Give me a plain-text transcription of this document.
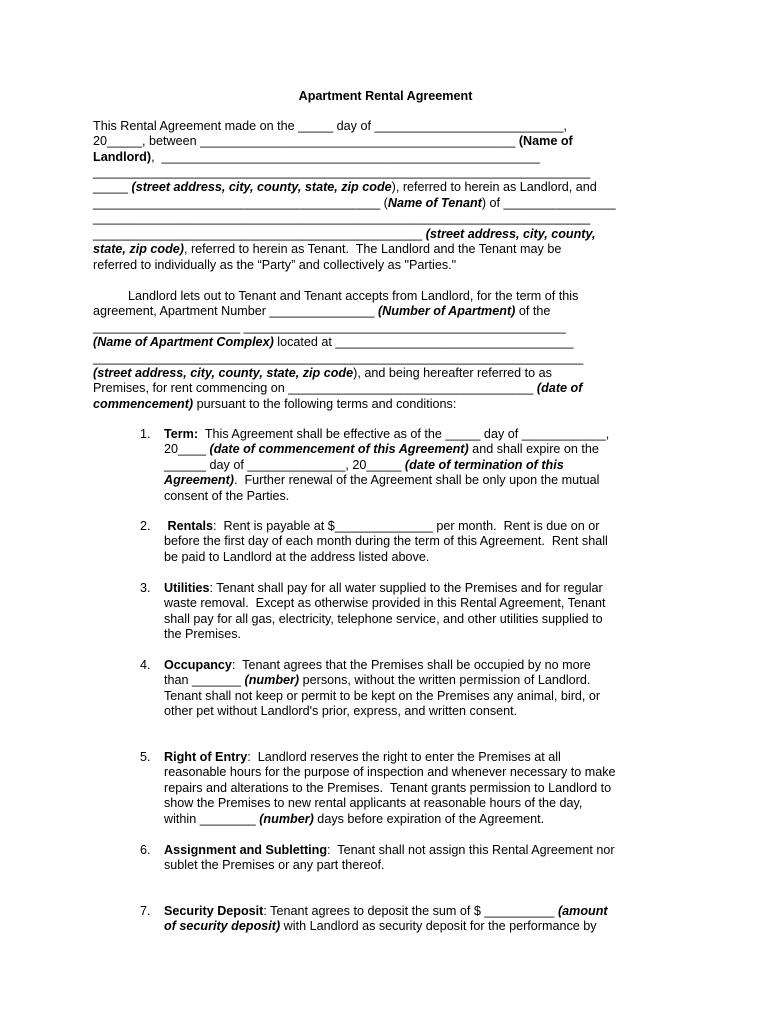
Apartment Rental Agreement
This Rental Agreement made on the _____ day of ___________________________,
20_____, between _____________________________________________ (Name of
Landlord),  ______________________________________________________
_______________________________________________________________________
_____ (street address, city, county, state, zip code), referred to herein as Landlord, and
_________________________________________ (Name of Tenant) of ________________
_______________________________________________________________________
_______________________________________________ (street address, city, county,
state, zip code), referred to herein as Tenant.  The Landlord and the Tenant may be
referred to individually as the “Party” and collectively as "Parties."
Landlord lets out to Tenant and Tenant accepts from Landlord, for the term of this
agreement, Apartment Number _______________ (Number of Apartment) of the
_____________________ ______________________________________________
(Name of Apartment Complex) located at __________________________________
______________________________________________________________________
(street address, city, county, state, zip code), and being hereafter referred to as
Premises, for rent commencing on ___________________________________ (date of
commencement) pursuant to the following terms and conditions:
1. Term:  This Agreement shall be effective as of the _____ day of ____________,
20____ (date of commencement of this Agreement) and shall expire on the
______ day of ______________, 20_____ (date of termination of this
Agreement).  Further renewal of the Agreement shall be only upon the mutual
consent of the Parties.
2. Rentals:  Rent is payable at $______________ per month.  Rent is due on or
before the first day of each month during the term of this Agreement.  Rent shall
be paid to Landlord at the address listed above.
3. Utilities: Tenant shall pay for all water supplied to the Premises and for regular
waste removal.  Except as otherwise provided in this Rental Agreement, Tenant
shall pay for all gas, electricity, telephone service, and other utilities supplied to
the Premises.
4. Occupancy:  Tenant agrees that the Premises shall be occupied by no more
than _______ (number) persons, without the written permission of Landlord.
Tenant shall not keep or permit to be kept on the Premises any animal, bird, or
other pet without Landlord's prior, express, and written consent.
5. Right of Entry:  Landlord reserves the right to enter the Premises at all
reasonable hours for the purpose of inspection and whenever necessary to make
repairs and alterations to the Premises.  Tenant grants permission to Landlord to
show the Premises to new rental applicants at reasonable hours of the day,
within ________ (number) days before expiration of the Agreement.
6. Assignment and Subletting:  Tenant shall not assign this Rental Agreement nor
sublet the Premises or any part thereof.
7. Security Deposit: Tenant agrees to deposit the sum of $ __________ (amount
of security deposit) with Landlord as security deposit for the performance by
